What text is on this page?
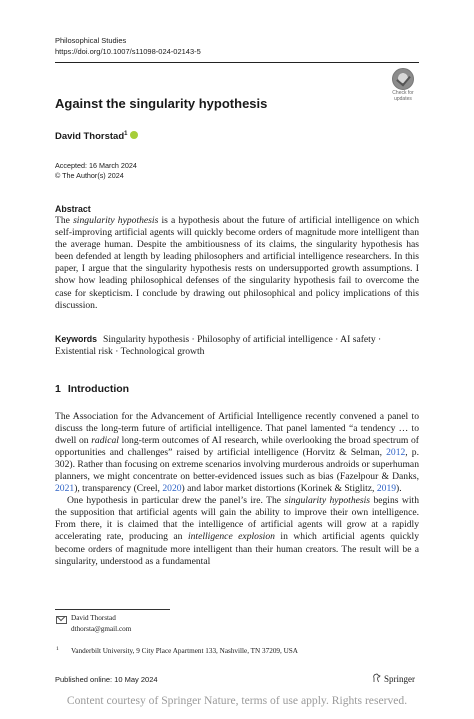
Philosophical Studies
https://doi.org/10.1007/s11098-024-02143-5
Check for
updates
Against the singularity hypothesis
David Thorstad$^1$
Accepted: 16 March 2024
© The Author(s) 2024
Abstract

The singularity hypothesis is a hypothesis about the future of artificial intelligence on which self-improving artificial agents will quickly become orders of magnitude more intelligent than the average human. Despite the ambitiousness of its claims, the singularity hypothesis has been defended at length by leading philosophers and artificial intelligence researchers. In this paper, I argue that the singularity hypothesis rests on undersupported growth assumptions. I show how leading philosophical defenses of the singularity hypothesis fail to overcome the case for skepticism. I conclude by drawing out philosophical and policy implications of this discussion.

Keywords Singularity hypothesis · Philosophy of artificial intelligence · AI safety · Existential risk · Technological growth

1 Introduction

The Association for the Advancement of Artificial Intelligence recently convened a panel to discuss the long-term future of artificial intelligence. That panel lamented “a tendency … to dwell on radical long-term outcomes of AI research, while overlooking the broad spectrum of opportunities and challenges” raised by artificial intelligence (Horvitz & Selman, 2012, p. 302). Rather than focusing on extreme scenarios involving murderous androids or superhuman planners, we might concentrate on better-evidenced issues such as bias (Fazelpour & Danks, 2021), transparency (Creel, 2020) and labor market distortions (Korinek & Stiglitz, 2019).

One hypothesis in particular drew the panel’s ire. The singularity hypothesis begins with the supposition that artificial agents will gain the ability to improve their own intelligence. From there, it is claimed that the intelligence of artificial agents will grow at a rapidly accelerating rate, producing an intelligence explosion in which artificial agents quickly become orders of magnitude more intelligent than their human creators. The result will be a singularity, understood as a fundamental

David Thorstad
dthorsta@gmail.com
1 Vanderbilt University, 9 City Place Apartment 133, Nashville, TN 37209, USA
Published online: 10 May 2024	Springer
Content courtesy of Springer Nature, terms of use apply. Rights reserved.
